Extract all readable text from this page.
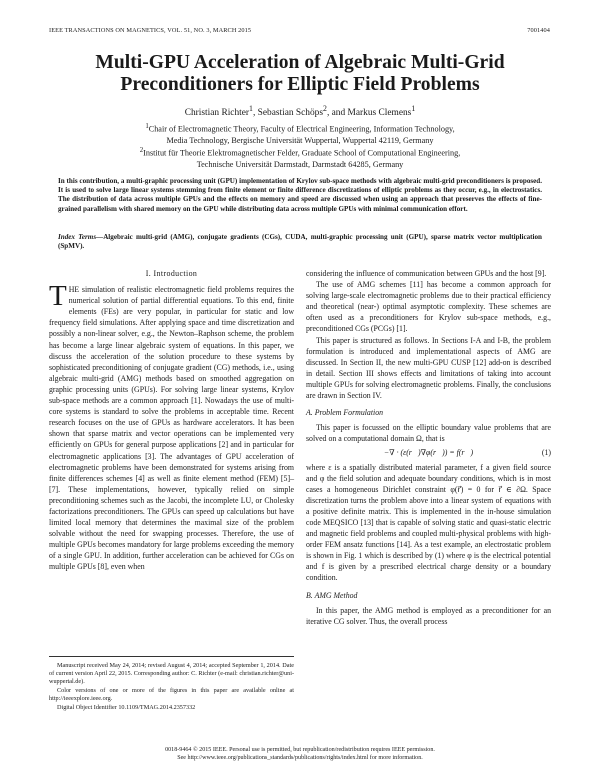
IEEE TRANSACTIONS ON MAGNETICS, VOL. 51, NO. 3, MARCH 2015	7001404
Multi-GPU Acceleration of Algebraic Multi-Grid Preconditioners for Elliptic Field Problems
Christian Richter$^1$, Sebastian Schöps$^2$, and Markus Clemens$^1$
$^1$Chair of Electromagnetic Theory, Faculty of Electrical Engineering, Information Technology,
Media Technology, Bergische Universität Wuppertal, Wuppertal 42119, Germany
$^2$Institut für Theorie Elektromagnetischer Felder, Graduate School of Computational Engineering,
Technische Universität Darmstadt, Darmstadt 64285, Germany
In this contribution, a multi-graphic processing unit (GPU) implementation of Krylov sub-space methods with algebraic multi-grid preconditioners is proposed. It is used to solve large linear systems stemming from finite element or finite difference discretizations of elliptic problems as they occur, e.g., in electrostatics. The distribution of data across multiple GPUs and the effects on memory and speed are discussed when using an approach that preserves the effects of fine-grained parallelism with shared memory on the GPU while distributing data across multiple GPUs with minimal communication effort.
Index Terms—Algebraic multi-grid (AMG), conjugate gradients (CGs), CUDA, multi-graphic processing unit (GPU), sparse matrix vector multiplication (SpMV).
I. Introduction

THE simulation of realistic electromagnetic field problems requires the numerical solution of partial differential equations. To this end, finite elements (FEs) are very popular, in particular for static and low frequency field simulations. After applying space and time discretization and possibly a non-linear solver, e.g., the Newton–Raphson scheme, the problem has become a large linear algebraic system of equations. In this paper, we discuss the acceleration of the solution procedure to these systems by sophisticated preconditioning of conjugate gradient (CG) methods, i.e., using algebraic multi-grid (AMG) methods based on smoothed aggregation on graphic processing units (GPUs). For solving large linear systems, Krylov sub-space methods are a common approach [1]. Nowadays the use of multi-core systems is standard to solve the problems in acceptable time. Recent research focuses on the use of GPUs as hardware accelerators. It has been shown that sparse matrix and vector operations can be implemented very efficiently on GPUs for general purpose applications [2] and in particular for electromagnetic applications [3]. The advantages of GPU acceleration of electromagnetic problems have been demonstrated for systems arising from finite differences schemes [4] as well as finite element method (FEM) [5]–[7]. These implementations, however, typically relied on simple preconditioning schemes such as the Jacobi, the incomplete LU, or Cholesky factorizations preconditioners. The GPUs can speed up calculations but have limited local memory that determines the maximal size of the problem solvable without the need for swapping processes. Therefore, the use of multiple GPUs becomes mandatory for large problems exceeding the memory of a single GPU. In addition, further acceleration can be achieved for CGs on multiple GPUs [8], even when

considering the influence of communication between GPUs and the host [9].

The use of AMG schemes [11] has become a common approach for solving large-scale electromagnetic problems due to their practical efficiency and theoretical (near-) optimal asymptotic complexity. These schemes are often used as a preconditioners for Krylov sub-space methods, e.g., preconditioned CGs (PCGs) [1].

This paper is structured as follows. In Sections I-A and I-B, the problem formulation is introduced and implementational aspects of AMG are discussed. In Section II, the new multi-GPU CUSP [12] add-on is described in detail. Section III shows effects and limitations of taking into account multiple GPUs for solving electromagnetic problems. Finally, the conclusions are drawn in Section IV.

A. Problem Formulation

This paper is focussed on the elliptic boundary value problems that are solved on a computational domain Ω, that is

−∇ · (ε(r⃗)∇φ(r⃗)) = f(r⃗)	(1)

where ε is a spatially distributed material parameter, f a given field source and φ the field solution and adequate boundary conditions, which is in most cases a homogeneous Dirichlet constraint φ(r⃗) = 0 for r⃗ ∈ ∂Ω. Space discretization turns the problem above into a linear system of equations with a positive definite matrix. This is implemented in the in-house simulation code MEQSICO [13] that is capable of solving static and quasi-static electric and magnetic field problems and coupled multi-physical problems with high-order FEM ansatz functions [14]. As a test example, an electrostatic problem is shown in Fig. 1 which is described by (1) where φ is the electrical potential and f is given by a prescribed electrical charge density or a boundary condition.

B. AMG Method

In this paper, the AMG method is employed as a preconditioner for an iterative CG solver. Thus, the overall process

Manuscript received May 24, 2014; revised August 4, 2014; accepted September 1, 2014. Date of current version April 22, 2015. Corresponding author: C. Richter (e-mail: christian.richter@uni-wuppertal.de).

Color versions of one or more of the figures in this paper are available online at http://ieeexplore.ieee.org.

Digital Object Identifier 10.1109/TMAG.2014.2357332

0018-9464 © 2015 IEEE. Personal use is permitted, but republication/redistribution requires IEEE permission.
See http://www.ieee.org/publications_standards/publications/rights/index.html for more information.
